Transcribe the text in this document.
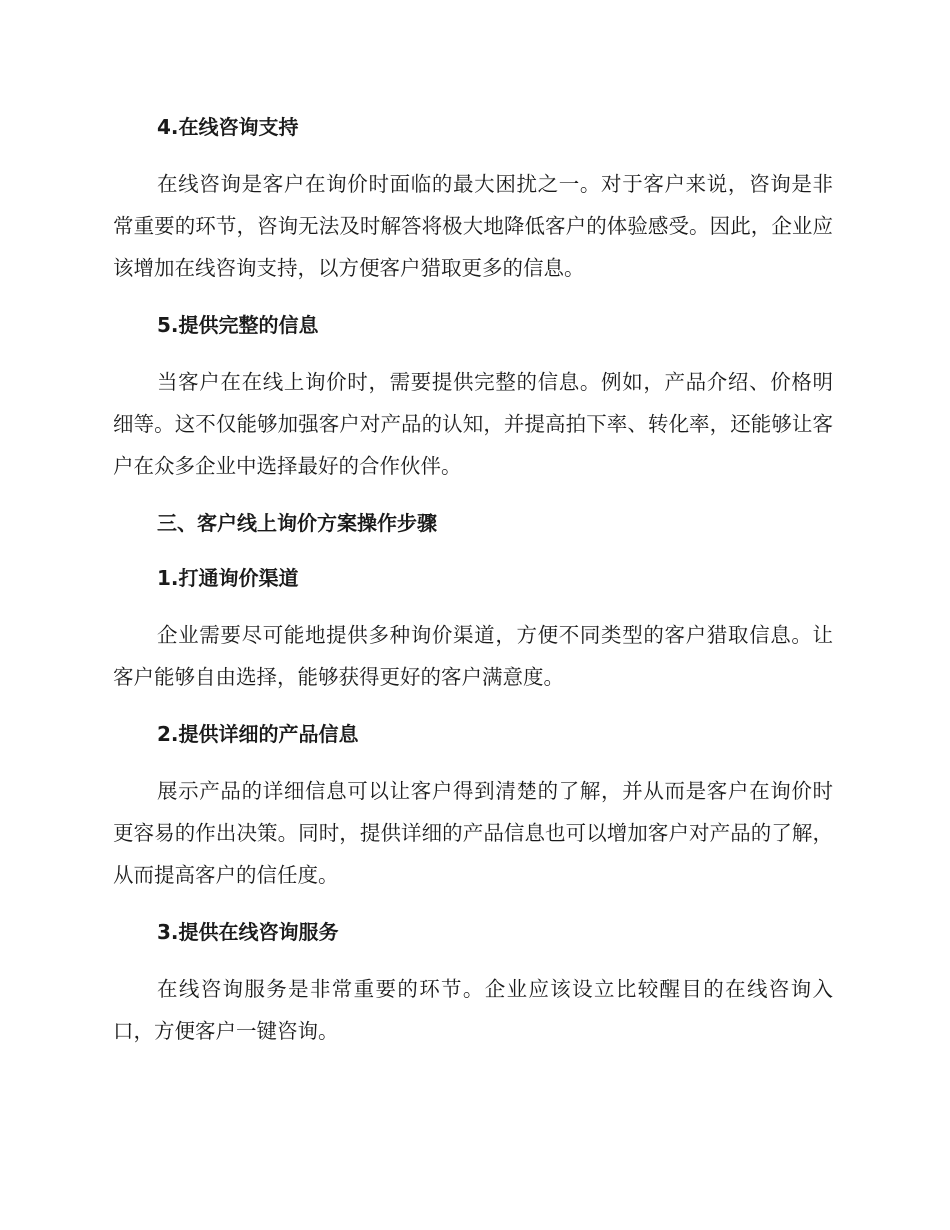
4.在线咨询支持

在线咨询是客户在询价时面临的最大困扰之一。对于客户来说，咨询是非常重要的环节，咨询无法及时解答将极大地降低客户的体验感受。因此，企业应该增加在线咨询支持，以方便客户猎取更多的信息。

5.提供完整的信息

当客户在在线上询价时，需要提供完整的信息。例如，产品介绍、价格明细等。这不仅能够加强客户对产品的认知，并提高拍下率、转化率，还能够让客户在众多企业中选择最好的合作伙伴。

三、客户线上询价方案操作步骤
1.打通询价渠道

企业需要尽可能地提供多种询价渠道，方便不同类型的客户猎取信息。让客户能够自由选择，能够获得更好的客户满意度。

2.提供详细的产品信息

展示产品的详细信息可以让客户得到清楚的了解，并从而是客户在询价时更容易的作出决策。同时，提供详细的产品信息也可以增加客户对产品的了解，从而提高客户的信任度。

3.提供在线咨询服务

在线咨询服务是非常重要的环节。企业应该设立比较醒目的在线咨询入口，方便客户一键咨询。
